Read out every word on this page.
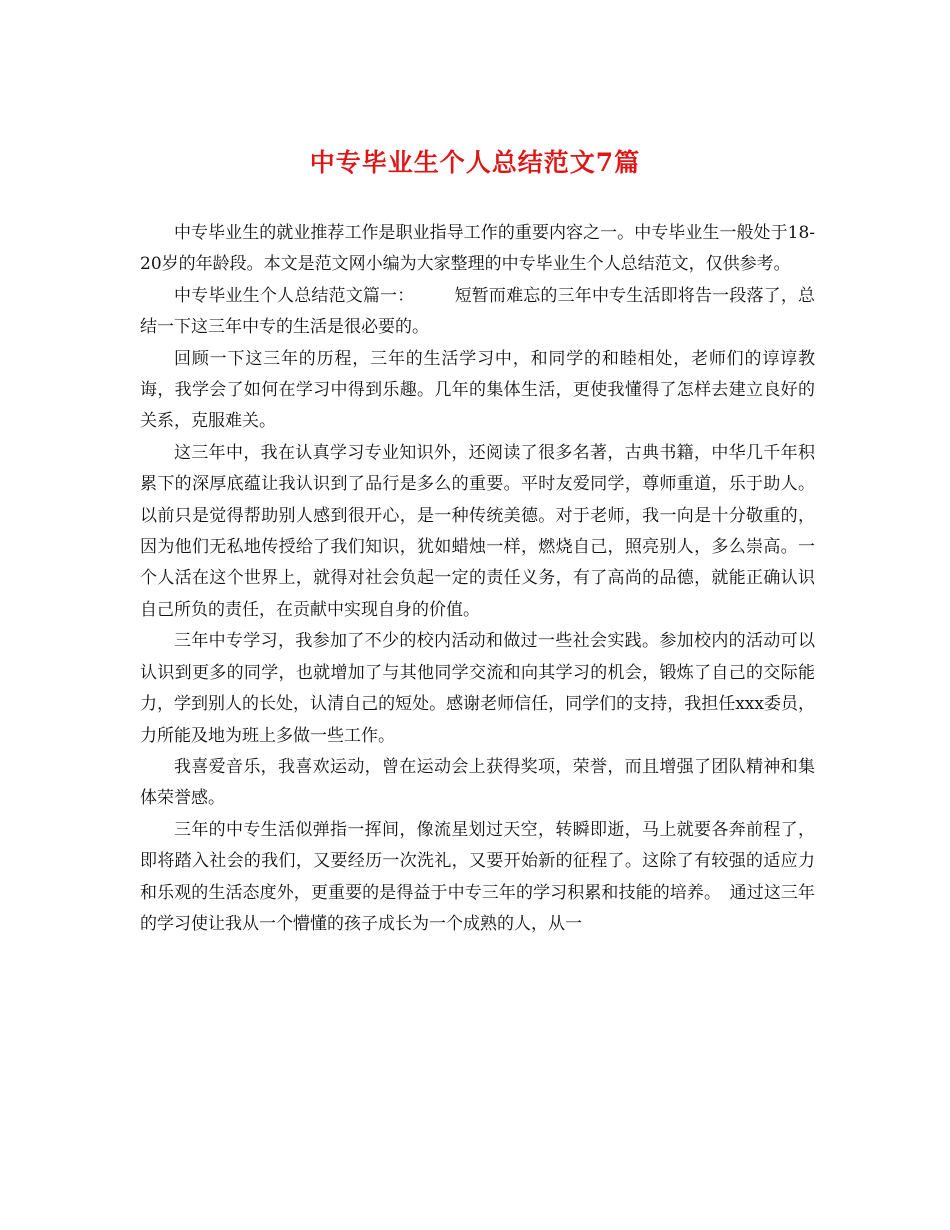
中专毕业生个人总结范文7篇

中专毕业生的就业推荐工作是职业指导工作的重要内容之一。中专毕业生一般处于18-20岁的年龄段。本文是范文网小编为大家整理的中专毕业生个人总结范文，仅供参考。

中专毕业生个人总结范文篇一： 短暂而难忘的三年中专生活即将告一段落了，总结一下这三年中专的生活是很必要的。

回顾一下这三年的历程，三年的生活学习中，和同学的和睦相处，老师们的谆谆教诲，我学会了如何在学习中得到乐趣。几年的集体生活，更使我懂得了怎样去建立良好的关系，克服难关。

这三年中，我在认真学习专业知识外，还阅读了很多名著，古典书籍，中华几千年积累下的深厚底蕴让我认识到了品行是多么的重要。平时友爱同学，尊师重道，乐于助人。以前只是觉得帮助别人感到很开心，是一种传统美德。对于老师，我一向是十分敬重的，因为他们无私地传授给了我们知识，犹如蜡烛一样，燃烧自己，照亮别人，多么崇高。一个人活在这个世界上，就得对社会负起一定的责任义务，有了高尚的品德，就能正确认识自己所负的责任，在贡献中实现自身的价值。

三年中专学习，我参加了不少的校内活动和做过一些社会实践。参加校内的活动可以认识到更多的同学，也就增加了与其他同学交流和向其学习的机会，锻炼了自己的交际能力，学到别人的长处，认清自己的短处。感谢老师信任，同学们的支持，我担任xxx委员，力所能及地为班上多做一些工作。

我喜爱音乐，我喜欢运动，曾在运动会上获得奖项，荣誉，而且增强了团队精神和集体荣誉感。

三年的中专生活似弹指一挥间，像流星划过天空，转瞬即逝，马上就要各奔前程了，即将踏入社会的我们，又要经历一次洗礼，又要开始新的征程了。这除了有较强的适应力和乐观的生活态度外，更重要的是得益于中专三年的学习积累和技能的培养。　 通过这三年的学习使让我从一个懵懂的孩子成长为一个成熟的人，从一
